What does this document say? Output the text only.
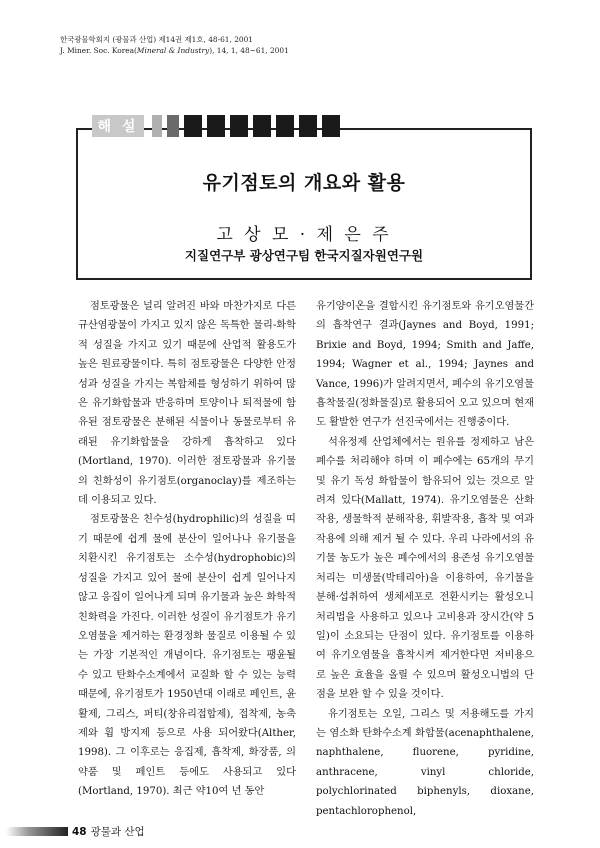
한국광물학회지 (광물과 산업) 제14권 제1호, 48-61, 2001
J. Miner. Soc. Korea(Mineral & Industry), 14, 1, 48~61, 2001
유기점토의 개요와 활용
고 상 모 · 제 은 주
지질연구부 광상연구팀 한국지질자원연구원
해 설

점토광물은 널리 알려진 바와 마찬가지로 다른 규산염광물이 가지고 있지 않은 독특한 물리-화학적 성질을 가지고 있기 때문에 산업적 활용도가 높은 원료광물이다. 특히 점토광물은 다양한 안정성과 성질을 가지는 복합체를 형성하기 위하여 많은 유기화합물과 반응하며 토양이나 퇴적물에 함유된 점토광물은 분해된 식물이나 동물로부터 유래된 유기화합물을 강하게 흡착하고 있다(Mortland, 1970). 이러한 점토광물과 유기물의 친화성이 유기점토(organoclay)를 제조하는데 이용되고 있다.

점토광물은 친수성(hydrophilic)의 성질을 띠기 때문에 쉽게 물에 분산이 일어나나 유기물을 치환시킨 유기점토는 소수성(hydrophobic)의 성질을 가지고 있어 물에 분산이 쉽게 일어나지 않고 응집이 일어나게 되며 유기물과 높은 화학적 친화력을 가진다. 이러한 성질이 유기점토가 유기오염물을 제거하는 환경정화 물질로 이용될 수 있는 가장 기본적인 개념이다. 유기점토는 팽윤될 수 있고 탄화수소계에서 교질화 할 수 있는 능력 때문에, 유기점토가 1950년대 이래로 페인트, 윤활제, 그리스, 퍼티(창유리접합제), 접착제, 농축제와 휨 방지제 등으로 사용 되어왔다(Alther, 1998). 그 이후로는 응집제, 흡착제, 화장품, 의약품 및 페인트 등에도 사용되고 있다(Mortland, 1970). 최근 약10여 년 동안

유기양이온을 결합시킨 유기점토와 유기오염물간의 흡착연구 결과(Jaynes and Boyd, 1991; Brixie and Boyd, 1994; Smith and Jaffe, 1994; Wagner et al., 1994; Jaynes and Vance, 1996)가 알려지면서, 폐수의 유기오염물 흡착물질(정화물질)로 활용되어 오고 있으며 현재도 활발한 연구가 선진국에서는 진행중이다.

석유정제 산업체에서는 원유를 정제하고 남은 폐수를 처리해야 하며 이 폐수에는 65개의 무기 및 유기 독성 화합물이 함유되어 있는 것으로 알려져 있다(Mallatt, 1974). 유기오염물은 산화작용, 생물학적 분해작용, 휘발작용, 흡착 및 여과작용에 의해 제거 될 수 있다. 우리 나라에서의 유기물 농도가 높은 폐수에서의 용존성 유기오염물 처리는 미생물(박테리아)을 이용하여, 유기물을 분해·섭취하여 생체세포로 전환시키는 활성오니 처리법을 사용하고 있으나 고비용과 장시간(약 5일)이 소요되는 단점이 있다. 유기점토를 이용하여 유기오염물을 흡착시켜 제거한다면 저비용으로 높은 효율을 올릴 수 있으며 활성오니법의 단점을 보완 할 수 있을 것이다.

유기점토는 오일, 그리스 및 저용해도를 가지는 염소화 탄화수소계 화합물(acenaphthalene, naphthalene, fluorene, pyridine, anthracene, vinyl chloride, polychlorinated biphenyls, dioxane, pentachlorophenol,

48 광물과 산업
